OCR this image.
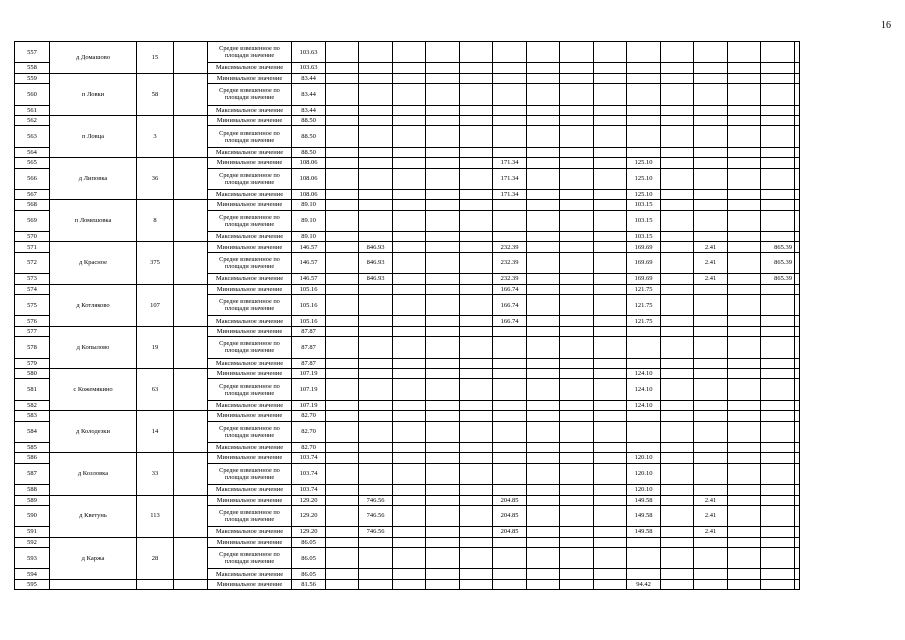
16
557	д Домашово	15		Средне взвешенное по площади значение	103.63															
558				Максимальное значение	103.63															
559	п Ловки	58		Минимальное значение	83.44															
560				Средне взвешенное по площади значение	83.44															
561				Максимальное значение	83.44															
562	п Ловца	3		Минимальное значение	88.50															
563				Средне взвешенное по площади значение	88.50															
564				Максимальное значение	88.50															
565	д Липовка	36		Минимальное значение	108.06						171.34				125.10					
566				Средне взвешенное по площади значение	108.06						171.34				125.10					
567				Максимальное значение	108.06						171.34				125.10					
568	п Ломешовка	8		Минимальное значение	89.10										103.15					
569				Средне взвешенное по площади значение	89.10										103.15					
570				Максимальное значение	89.10										103.15					
571	д Красное	375		Минимальное значение	146.57		846.93				232.39				169.69		2.41		865.39	
572				Средне взвешенное по площади значение	146.57		846.93				232.39				169.69		2.41		865.39	
573				Максимальное значение	146.57		846.93				232.39				169.69		2.41		865.39	
574	д Котляково	107		Минимальное значение	105.16						166.74				121.75					
575				Средне взвешенное по площади значение	105.16						166.74				121.75					
576				Максимальное значение	105.16						166.74				121.75					
577	д Копылово	19		Минимальное значение	87.87															
578				Средне взвешенное по площади значение	87.87															
579				Максимальное значение	87.87															
580	с Кожемякино	63		Минимальное значение	107.19										124.10					
581				Средне взвешенное по площади значение	107.19										124.10					
582				Максимальное значение	107.19										124.10					
583	д Колодезки	14		Минимальное значение	82.70															
584				Средне взвешенное по площади значение	82.70															
585				Максимальное значение	82.70															
586	д Козловка	33		Минимальное значение	103.74										120.10					
587				Средне взвешенное по площади значение	103.74										120.10					
588				Максимальное значение	103.74										120.10					
589	д Кветунь	113		Минимальное значение	129.20		746.56				204.85				149.58		2.41			
590				Средне взвешенное по площади значение	129.20		746.56				204.85				149.58		2.41			
591				Максимальное значение	129.20		746.56				204.85				149.58		2.41			
592	д Каржа	28		Минимальное значение	86.05															
593				Средне взвешенное по площади значение	86.05															
594				Максимальное значение	86.05															
595				Минимальное значение	81.56										94.42					
